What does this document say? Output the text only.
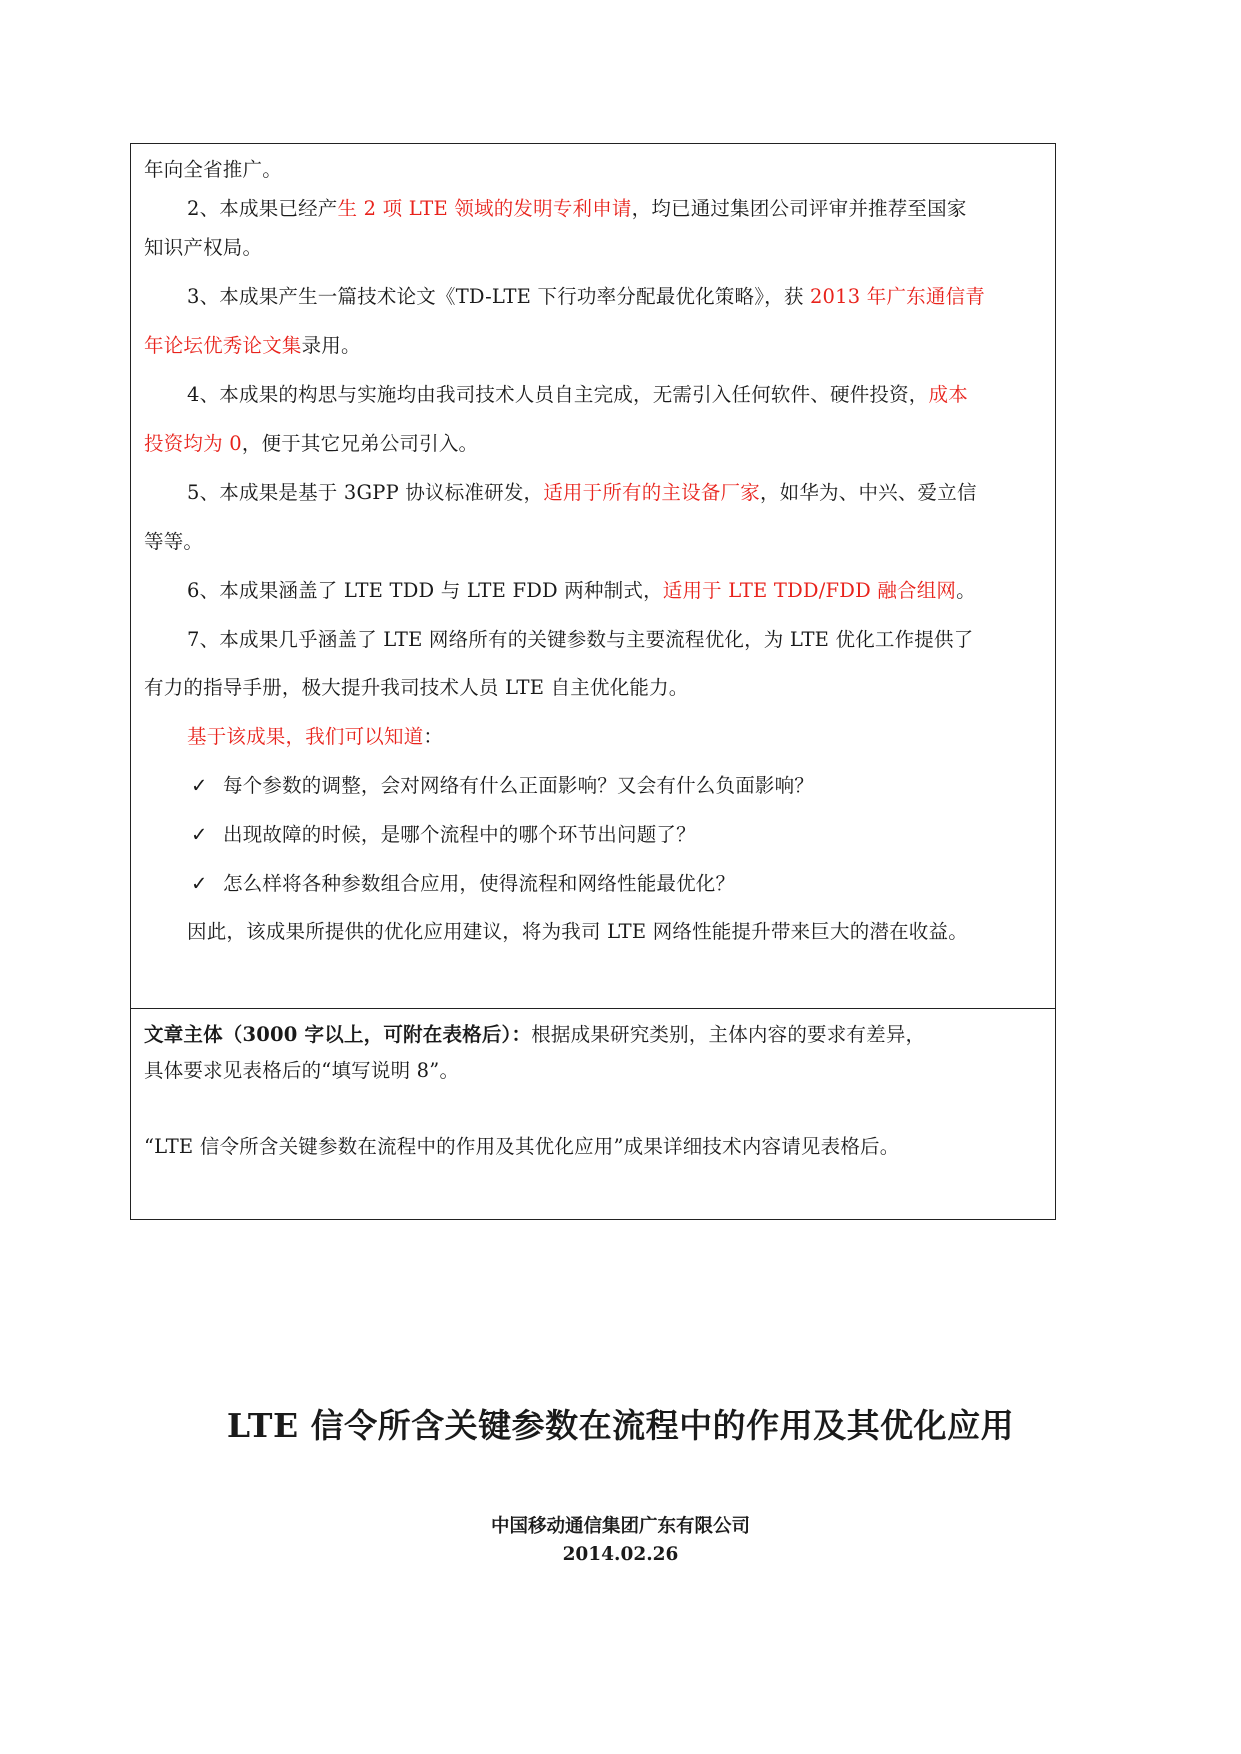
年向全省推广。
2、本成果已经产生 2 项 LTE 领域的发明专利申请，均已通过集团公司评审并推荐至国家
知识产权局。
3、本成果产生一篇技术论文《TD-LTE 下行功率分配最优化策略》，获 2013 年广东通信青
年论坛优秀论文集录用。
4、本成果的构思与实施均由我司技术人员自主完成，无需引入任何软件、硬件投资，成本
投资均为 0，便于其它兄弟公司引入。
5、本成果是基于 3GPP 协议标准研发，适用于所有的主设备厂家，如华为、中兴、爱立信
等等。
6、本成果涵盖了 LTE TDD 与 LTE FDD 两种制式，适用于 LTE TDD/FDD 融合组网。
7、本成果几乎涵盖了 LTE 网络所有的关键参数与主要流程优化，为 LTE 优化工作提供了
有力的指导手册，极大提升我司技术人员 LTE 自主优化能力。
基于该成果，我们可以知道：
✓ 每个参数的调整，会对网络有什么正面影响？又会有什么负面影响？
✓ 出现故障的时候，是哪个流程中的哪个环节出问题了？
✓ 怎么样将各种参数组合应用，使得流程和网络性能最优化？
因此，该成果所提供的优化应用建议，将为我司 LTE 网络性能提升带来巨大的潜在收益。
文章主体（3000 字以上，可附在表格后）：根据成果研究类别，主体内容的要求有差异，
具体要求见表格后的“填写说明 8”。
“LTE 信令所含关键参数在流程中的作用及其优化应用”成果详细技术内容请见表格后。
LTE 信令所含关键参数在流程中的作用及其优化应用
中国移动通信集团广东有限公司
2014.02.26
